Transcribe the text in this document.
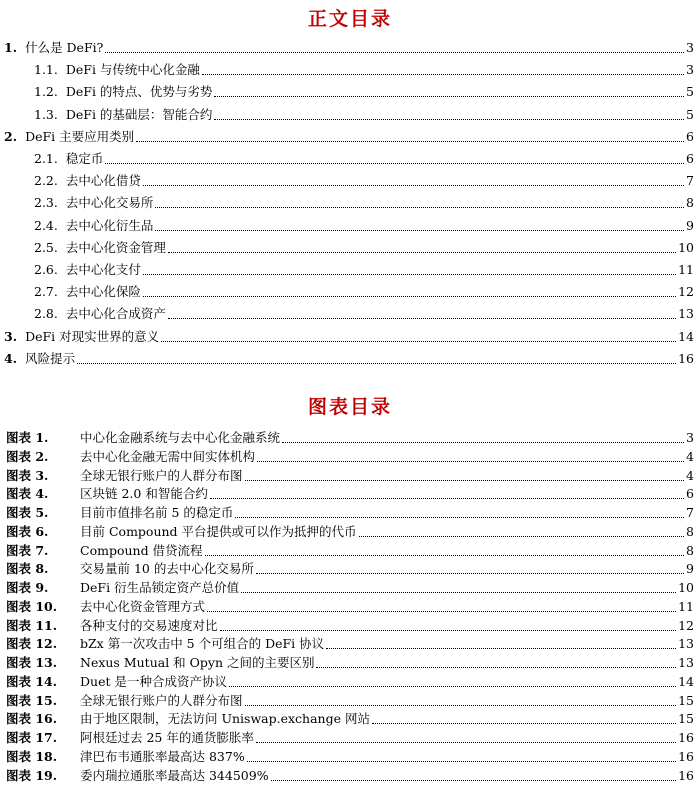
正文目录
1. 什么是 DeFi?	3
1.1. DeFi 与传统中心化金融	3
1.2. DeFi 的特点、优势与劣势	5
1.3. DeFi 的基础层：智能合约	5
2. DeFi 主要应用类别	6
2.1. 稳定币	6
2.2. 去中心化借贷	7
2.3. 去中心化交易所	8
2.4. 去中心化衍生品	9
2.5. 去中心化资金管理	10
2.6. 去中心化支付	11
2.7. 去中心化保险	12
2.8. 去中心化合成资产	13
3. DeFi 对现实世界的意义	14
4. 风险提示	16
图表目录
图表 1.	中心化金融系统与去中心化金融系统	3
图表 2.	去中心化金融无需中间实体机构	4
图表 3.	全球无银行账户的人群分布图	4
图表 4.	区块链 2.0 和智能合约	6
图表 5.	目前市值排名前 5 的稳定币	7
图表 6.	目前 Compound 平台提供或可以作为抵押的代币	8
图表 7.	Compound 借贷流程	8
图表 8.	交易量前 10 的去中心化交易所	9
图表 9.	DeFi 衍生品锁定资产总价值	10
图表 10.	去中心化资金管理方式	11
图表 11.	各种支付的交易速度对比	12
图表 12.	bZx 第一次攻击中 5 个可组合的 DeFi 协议	13
图表 13.	Nexus Mutual 和 Opyn 之间的主要区别	13
图表 14.	Duet 是一种合成资产协议	14
图表 15.	全球无银行账户的人群分布图	15
图表 16.	由于地区限制，无法访问 Uniswap.exchange 网站	15
图表 17.	阿根廷过去 25 年的通货膨胀率	16
图表 18.	津巴布韦通胀率最高达 837%	16
图表 19.	委内瑞拉通胀率最高达 344509%	16
